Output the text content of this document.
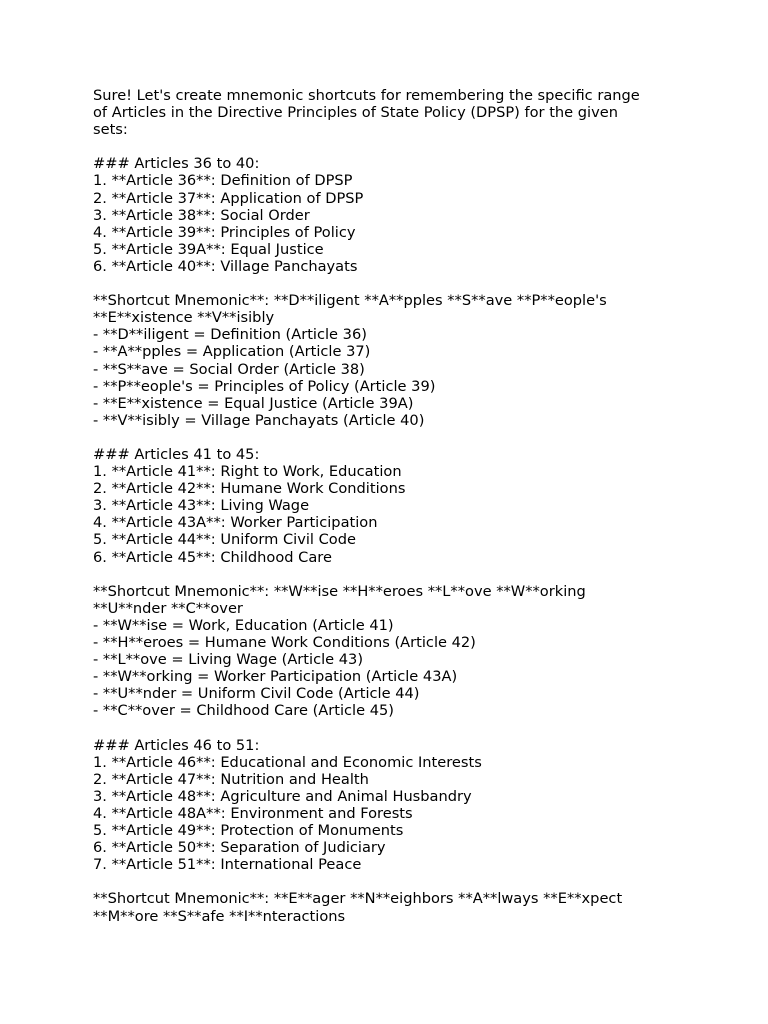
Sure! Let's create mnemonic shortcuts for remembering the specific range
of Articles in the Directive Principles of State Policy (DPSP) for the given
sets:
### Articles 36 to 40:
1. **Article 36**: Definition of DPSP
2. **Article 37**: Application of DPSP
3. **Article 38**: Social Order
4. **Article 39**: Principles of Policy
5. **Article 39A**: Equal Justice
6. **Article 40**: Village Panchayats
**Shortcut Mnemonic**: **D**iligent **A**pples **S**ave **P**eople's
**E**xistence **V**isibly
- **D**iligent = Definition (Article 36)
- **A**pples = Application (Article 37)
- **S**ave = Social Order (Article 38)
- **P**eople's = Principles of Policy (Article 39)
- **E**xistence = Equal Justice (Article 39A)
- **V**isibly = Village Panchayats (Article 40)
### Articles 41 to 45:
1. **Article 41**: Right to Work, Education
2. **Article 42**: Humane Work Conditions
3. **Article 43**: Living Wage
4. **Article 43A**: Worker Participation
5. **Article 44**: Uniform Civil Code
6. **Article 45**: Childhood Care
**Shortcut Mnemonic**: **W**ise **H**eroes **L**ove **W**orking
**U**nder **C**over
- **W**ise = Work, Education (Article 41)
- **H**eroes = Humane Work Conditions (Article 42)
- **L**ove = Living Wage (Article 43)
- **W**orking = Worker Participation (Article 43A)
- **U**nder = Uniform Civil Code (Article 44)
- **C**over = Childhood Care (Article 45)
### Articles 46 to 51:
1. **Article 46**: Educational and Economic Interests
2. **Article 47**: Nutrition and Health
3. **Article 48**: Agriculture and Animal Husbandry
4. **Article 48A**: Environment and Forests
5. **Article 49**: Protection of Monuments
6. **Article 50**: Separation of Judiciary
7. **Article 51**: International Peace
**Shortcut Mnemonic**: **E**ager **N**eighbors **A**lways **E**xpect
**M**ore **S**afe **I**nteractions
